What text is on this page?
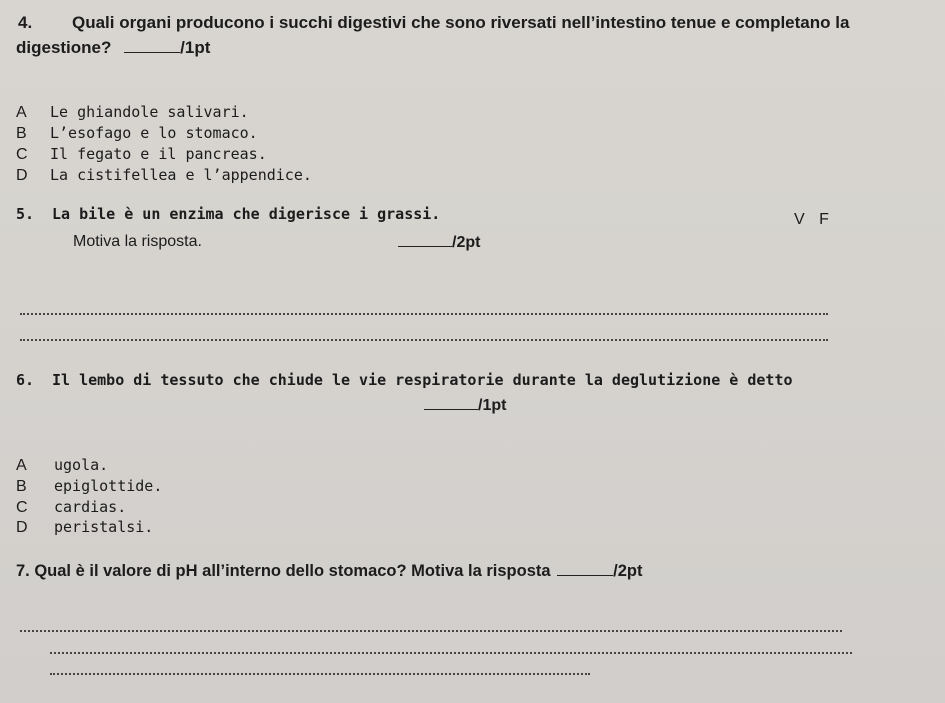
4. Quali organi producono i succhi digestivi che sono riversati nell’intestino tenue e completano la
digestione?	/1pt
A Le ghiandole salivari.
B L’esofago e lo stomaco.
C Il fegato e il pancreas.
D La cistifellea e l’appendice.
5. La bile è un enzima che digerisce i grassi.	V F
Motiva la risposta.	/2pt
6. Il lembo di tessuto che chiude le vie respiratorie durante la deglutizione è detto
/1pt
A ugola.
B epiglottide.
C cardias.
D peristalsi.
7. Qual è il valore di pH all’interno dello stomaco? Motiva la risposta	/2pt
